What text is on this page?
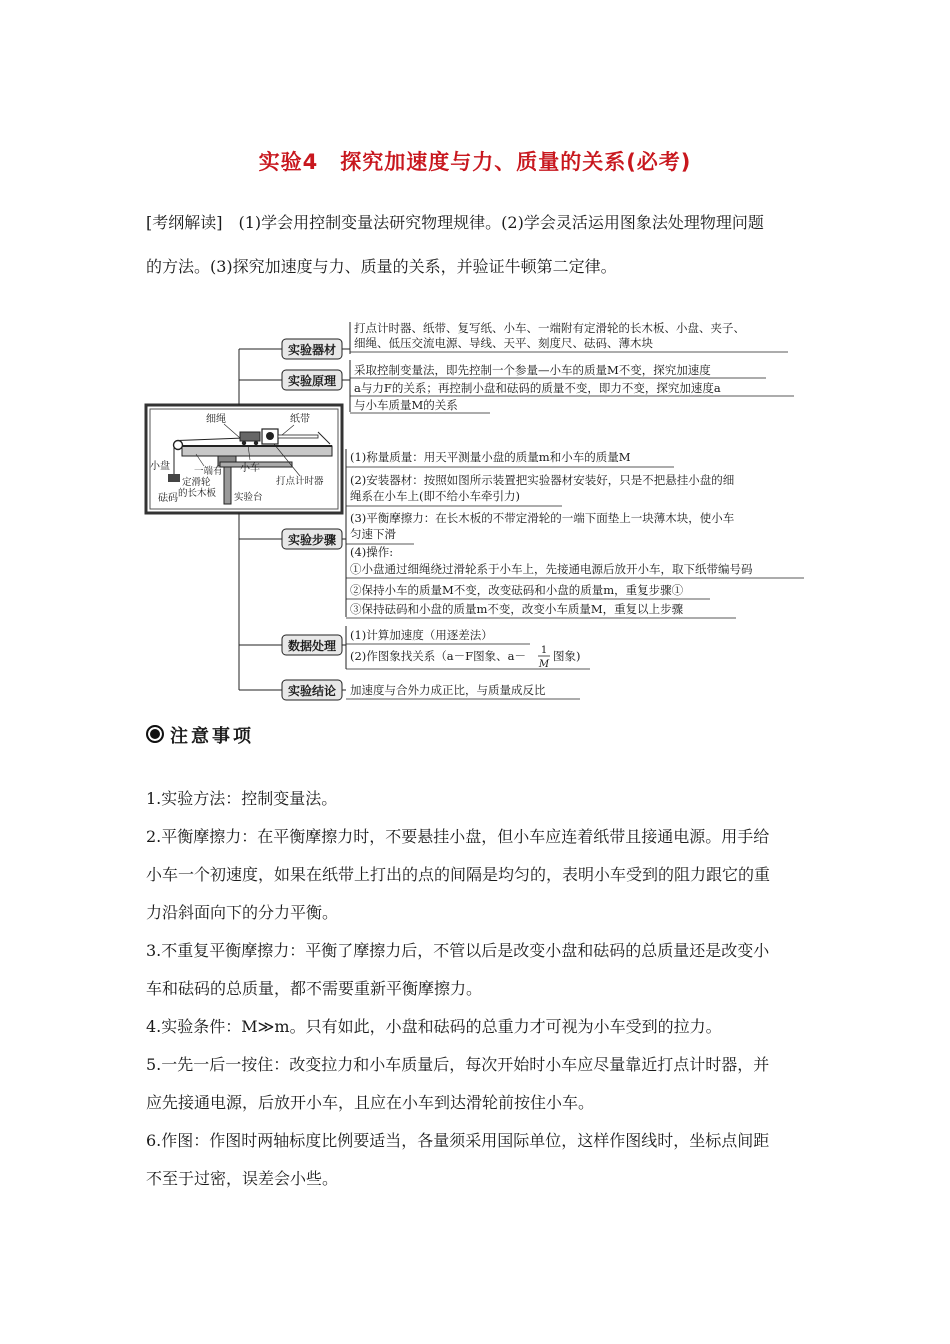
实验4　探究加速度与力、质量的关系(必考)

[考纲解读]　(1)学会用控制变量法研究物理规律。(2)学会灵活运用图象法处理物理问题

的方法。(3)探究加速度与力、质量的关系，并验证牛顿第二定律。

细绳	纸带
小盘	一端有
定滑轮
的长木板
小车
砝码
打点计时器
实验台
实验器材
实验原理
实验步骤
数据处理
实验结论
打点计时器、纸带、复写纸、小车、一端附有定滑轮的长木板、小盘、夹子、
细绳、低压交流电源、导线、天平、刻度尺、砝码、薄木块
采取控制变量法，即先控制一个参量—小车的质量M不变，探究加速度
a与力F的关系；再控制小盘和砝码的质量不变，即力不变，探究加速度a
与小车质量M的关系
(1)称量质量：用天平测量小盘的质量m和小车的质量M
(2)安装器材：按照如图所示装置把实验器材安装好，只是不把悬挂小盘的细
绳系在小车上(即不给小车牵引力)
(3)平衡摩擦力：在长木板的不带定滑轮的一端下面垫上一块薄木块，使小车
匀速下滑
(4)操作:
①小盘通过细绳绕过滑轮系于小车上，先接通电源后放开小车，取下纸带编号码
②保持小车的质量M不变，改变砝码和小盘的质量m，重复步骤①
③保持砝码和小盘的质量m不变，改变小车质量M，重复以上步骤
(1)计算加速度（用逐差法）
(2)作图象找关系（a－F图象、a－ 1
M
图象)
加速度与合外力成正比，与质量成反比
注意事项

1.实验方法：控制变量法。

2.平衡摩擦力：在平衡摩擦力时，不要悬挂小盘，但小车应连着纸带且接通电源。用手给

小车一个初速度，如果在纸带上打出的点的间隔是均匀的，表明小车受到的阻力跟它的重

力沿斜面向下的分力平衡。

3.不重复平衡摩擦力：平衡了摩擦力后，不管以后是改变小盘和砝码的总质量还是改变小

车和砝码的总质量，都不需要重新平衡摩擦力。

4.实验条件：M≫m。只有如此，小盘和砝码的总重力才可视为小车受到的拉力。

5.一先一后一按住：改变拉力和小车质量后，每次开始时小车应尽量靠近打点计时器，并

应先接通电源，后放开小车，且应在小车到达滑轮前按住小车。

6.作图：作图时两轴标度比例要适当，各量须采用国际单位，这样作图线时，坐标点间距

不至于过密，误差会小些。
